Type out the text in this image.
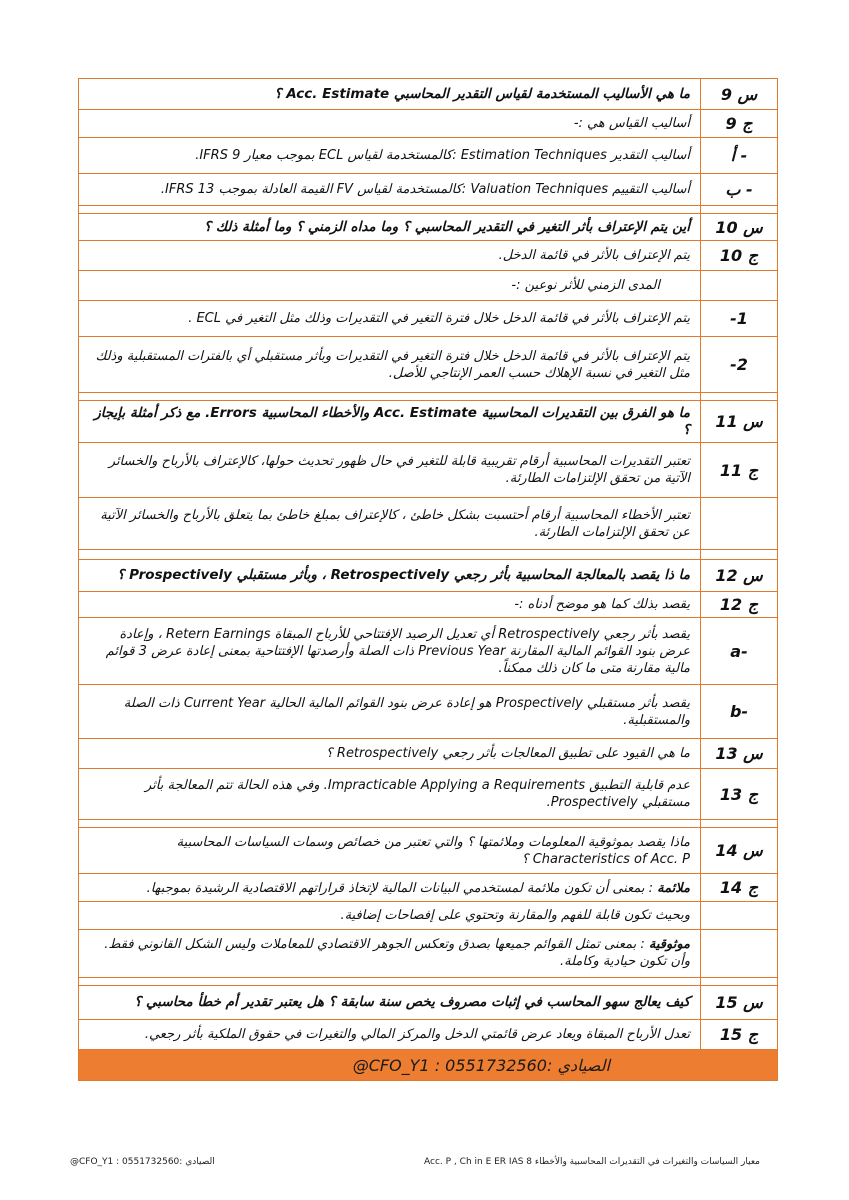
س 9
ما هي الأساليب المستخدمة لقياس التقدير المحاسبي Acc. Estimate ؟
ج 9
أساليب القياس هي :-
أ -
أساليب التقدير Estimation Techniques :كالمستخدمة لقياس ECL بموجب معيار IFRS 9.
ب -
أساليب التقييم Valuation Techniques :كالمستخدمة لقياس FV القيمة العادلة بموجب IFRS 13.
س 10
أين يتم الإعتراف بأثر التغير في التقدير المحاسبي ؟ وما مداه الزمني ؟ وما أمثلة ذلك ؟
ج 10
يتم الإعتراف بالأثر في قائمة الدخل.
المدى الزمني للأثر نوعين :-
-1
يتم الإعتراف بالأثر في قائمة الدخل خلال فترة التغير في التقديرات وذلك مثل التغير في ECL .
-2
يتم الإعتراف بالأثر في قائمة الدخل خلال فترة التغير في التقديرات وبأثر مستقبلي أي بالفترات المستقبلية وذلك مثل التغير في نسبة الإهلاك حسب العمر الإنتاجي للأصل.
س 11
ما هو الفرق بين التقديرات المحاسبية Acc. Estimate والأخطاء المحاسبية Errors. مع ذكر أمثلة بإيجاز ؟
ج 11
تعتبر التقديرات المحاسبية أرقام تقريبية قابلة للتغير في حال ظهور تحديث حولها، كالإعتراف بالأرباح والخسائر الآتية من تحقق الإلتزامات الطارئة.
تعتبر الأخطاء المحاسبية أرقام أحتسبت بشكل خاطئ ، كالإعتراف بمبلغ خاطئ بما يتعلق بالأرباح والخسائر الآتية عن تحقق الإلتزامات الطارئة.
س 12
ما ذا يقصد بالمعالجة المحاسبية بأثر رجعي Retrospectively ، وبأثر مستقبلي Prospectively ؟
ج 12
يقصد بذلك كما هو موضح أدناه :-
a-
يقصد بأثر رجعي Retrospectively أي تعديل الرصيد الإفتتاحي للأرباح المبقاة Retern Earnings ، وإعادة عرض بنود القوائم المالية المقارنة Previous Year ذات الصلة وأرصدتها الإفتتاحية بمعنى إعادة عرض 3 قوائم مالية مقارنة متى ما كان ذلك ممكناً.
b-
يقصد بأثر مستقبلي Prospectively هو إعادة عرض بنود القوائم المالية الحالية Current Year ذات الصلة والمستقبلية.
س 13
ما هي القيود على تطبيق المعالجات بأثر رجعي Retrospectively ؟
ج 13
عدم قابلية التطبيق Impracticable Applying a Requirements. وفي هذه الحالة تتم المعالجة بأثر مستقبلي Prospectively.
س 14
ماذا يقصد بموثوقية المعلومات وملائمتها ؟ والتي تعتبر من خصائص وسمات السياسات المحاسبية Characteristics of Acc. P ؟
ج 14
ملائمة : بمعنى أن تكون ملائمة لمستخدمي البيانات المالية لإتخاذ قراراتهم الاقتصادية الرشيدة بموجبها.
وبحيث تكون قابلة للفهم والمقارنة وتحتوي على إفصاحات إضافية.
موثوقية : بمعنى تمثل القوائم جميعها بصدق وتعكس الجوهر الاقتصادي للمعاملات وليس الشكل القانوني فقط. وأن تكون حيادية وكاملة.
س 15
كيف يعالج سهو المحاسب في إثبات مصروف يخص سنة سابقة ؟ هل يعتبر تقدير أم خطأ محاسبي ؟
ج 15
تعدل الأرباح المبقاة ويعاد عرض قائمتي الدخل والمركز المالي والتغيرات في حقوق الملكية بأثر رجعي.
الصيادي :0551732560 : CFO_Y1@
@CFO_Y1 : 0551732560: الصيادي	معيار السياسات والتغيرات في التقديرات المحاسبية والأخطاء Acc. P , Ch in E ER IAS 8
